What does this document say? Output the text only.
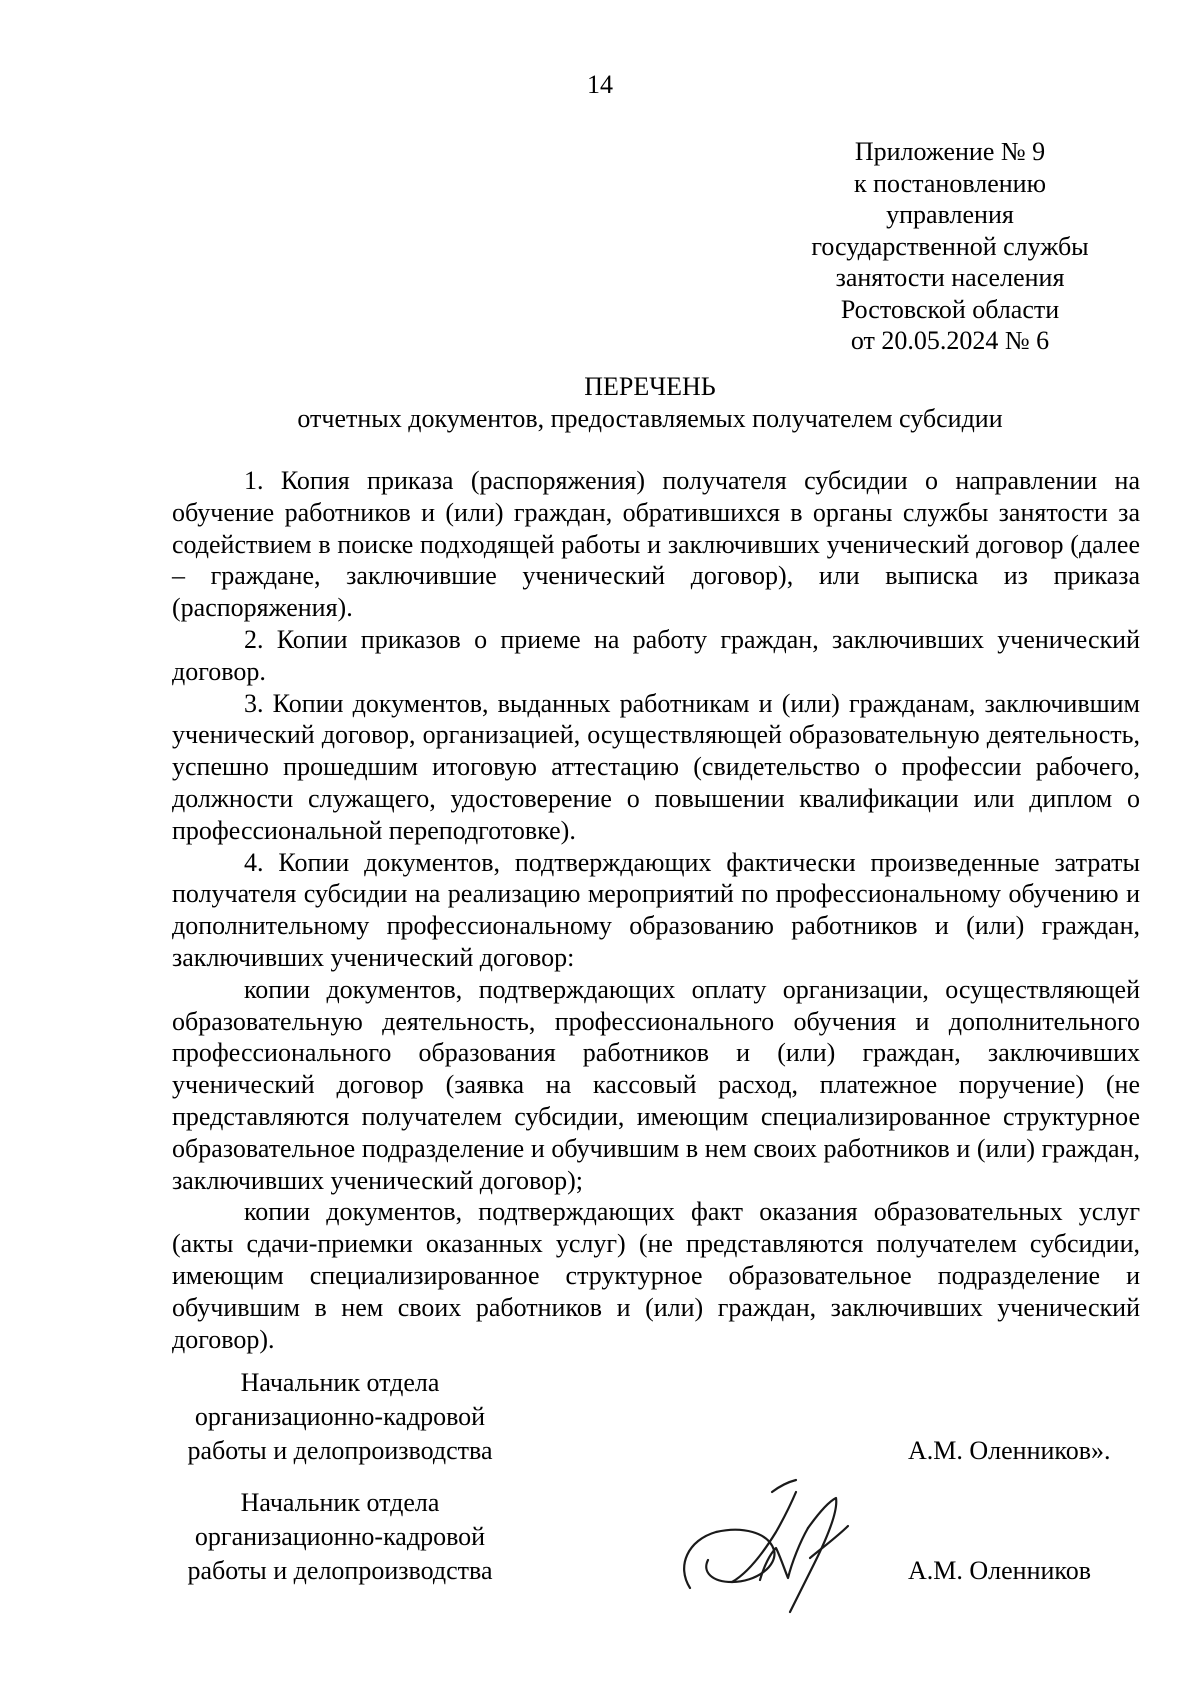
14
Приложение № 9
к постановлению
управления
государственной службы
занятости населения
Ростовской области
от 20.05.2024 № 6
ПЕРЕЧЕНЬ
отчетных документов, предоставляемых получателем субсидии

1. Копия приказа (распоряжения) получателя субсидии о направлении на обучение работников и (или) граждан, обратившихся в органы службы занятости за содействием в поиске подходящей работы и заключивших ученический договор (далее – граждане, заключившие ученический договор), или выписка из приказа (распоряжения).

2. Копии приказов о приеме на работу граждан, заключивших ученический договор.

3. Копии документов, выданных работникам и (или) гражданам, заключившим ученический договор, организацией, осуществляющей образовательную деятельность, успешно прошедшим итоговую аттестацию (свидетельство о профессии рабочего, должности служащего, удостоверение о повышении квалификации или диплом о профессиональной переподготовке).

4. Копии документов, подтверждающих фактически произведенные затраты получателя субсидии на реализацию мероприятий по профессиональному обучению и дополнительному профессиональному образованию работников и (или) граждан, заключивших ученический договор:

копии документов, подтверждающих оплату организации, осуществляющей образовательную деятельность, профессионального обучения и дополнительного профессионального образования работников и (или) граждан, заключивших ученический договор (заявка на кассовый расход, платежное поручение) (не представляются получателем субсидии, имеющим специализированное структурное образовательное подразделение и обучившим в нем своих работников и (или) граждан, заключивших ученический договор);

копии документов, подтверждающих факт оказания образовательных услуг (акты сдачи-приемки оказанных услуг) (не представляются получателем субсидии, имеющим специализированное структурное образовательное подразделение и обучившим в нем своих работников и (или) граждан, заключивших ученический договор).

Начальник отдела
организационно-кадровой
работы и делопроизводства	А.М. Оленников».
Начальник отдела
организационно-кадровой
работы и делопроизводства	А.М. Оленников
